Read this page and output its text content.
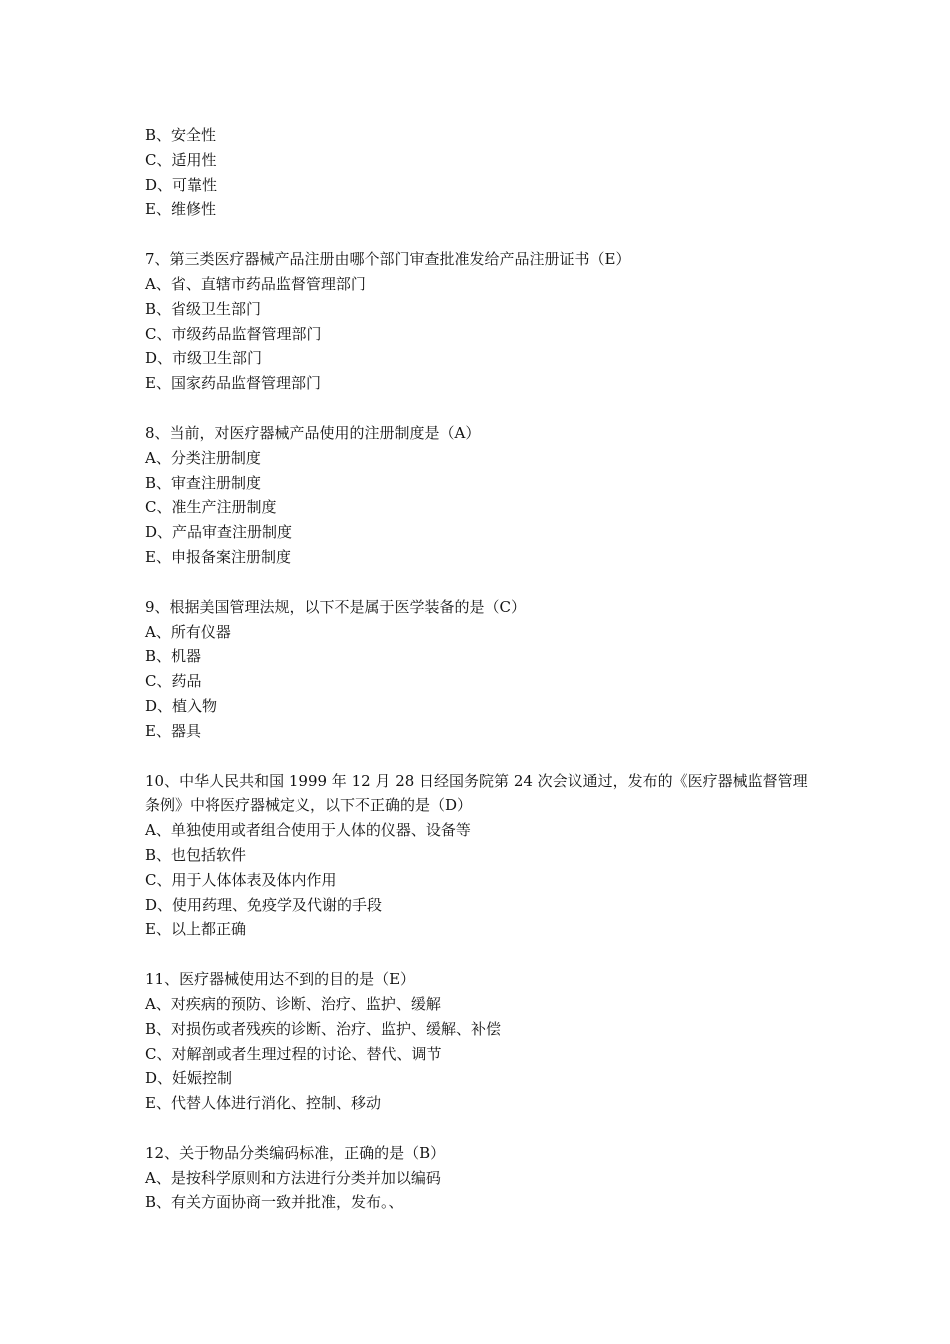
B、安全性
C、适用性
D、可靠性
E、维修性
7、第三类医疗器械产品注册由哪个部门审查批准发给产品注册证书（E）
A、省、直辖市药品监督管理部门
B、省级卫生部门
C、市级药品监督管理部门
D、市级卫生部门
E、国家药品监督管理部门
8、当前，对医疗器械产品使用的注册制度是（A）
A、分类注册制度
B、审查注册制度
C、准生产注册制度
D、产品审查注册制度
E、申报备案注册制度
9、根据美国管理法规，以下不是属于医学装备的是（C）
A、所有仪器
B、机器
C、药品
D、植入物
E、器具
10、中华人民共和国 1999 年 12 月 28 日经国务院第 24 次会议通过，发布的《医疗器械监督管理条例》中将医疗器械定义，以下不正确的是（D）
A、单独使用或者组合使用于人体的仪器、设备等
B、也包括软件
C、用于人体体表及体内作用
D、使用药理、免疫学及代谢的手段
E、以上都正确
11、医疗器械使用达不到的目的是（E）
A、对疾病的预防、诊断、治疗、监护、缓解
B、对损伤或者残疾的诊断、治疗、监护、缓解、补偿
C、对解剖或者生理过程的讨论、替代、调节
D、妊娠控制
E、代替人体进行消化、控制、移动
12、关于物品分类编码标准，正确的是（B）
A、是按科学原则和方法进行分类并加以编码
B、有关方面协商一致并批准，发布。、
